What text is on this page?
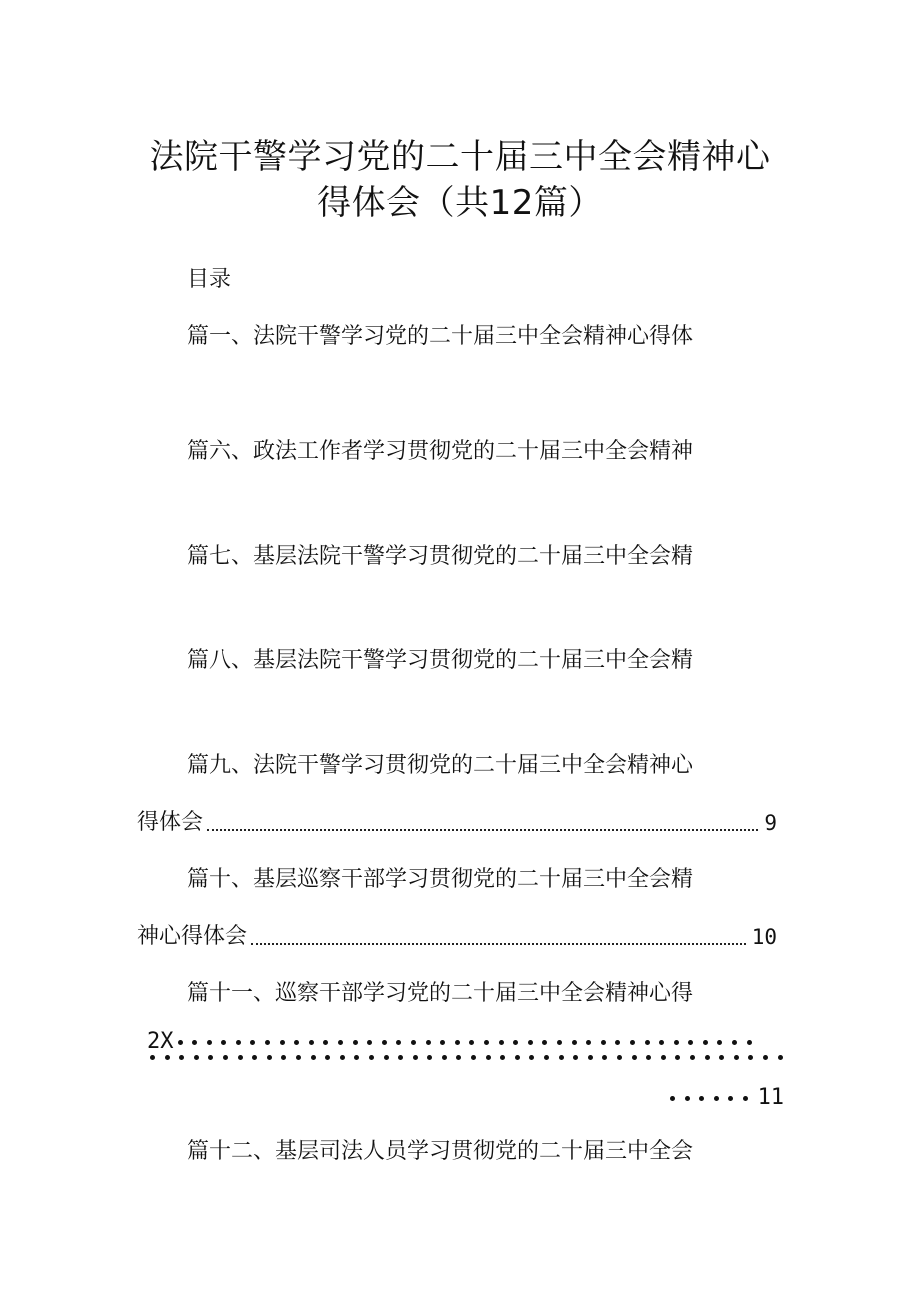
法院干警学习党的二十届三中全会精神心
得体会（共12篇）
目录
篇一、法院干警学习党的二十届三中全会精神心得体
篇六、政法工作者学习贯彻党的二十届三中全会精神
篇七、基层法院干警学习贯彻党的二十届三中全会精
篇八、基层法院干警学习贯彻党的二十届三中全会精
篇九、法院干警学习贯彻党的二十届三中全会精神心
得体会	9
篇十、基层巡察干部学习贯彻党的二十届三中全会精
神心得体会	10
篇十一、巡察干部学习党的二十届三中全会精神心得
2X
11
篇十二、基层司法人员学习贯彻党的二十届三中全会
